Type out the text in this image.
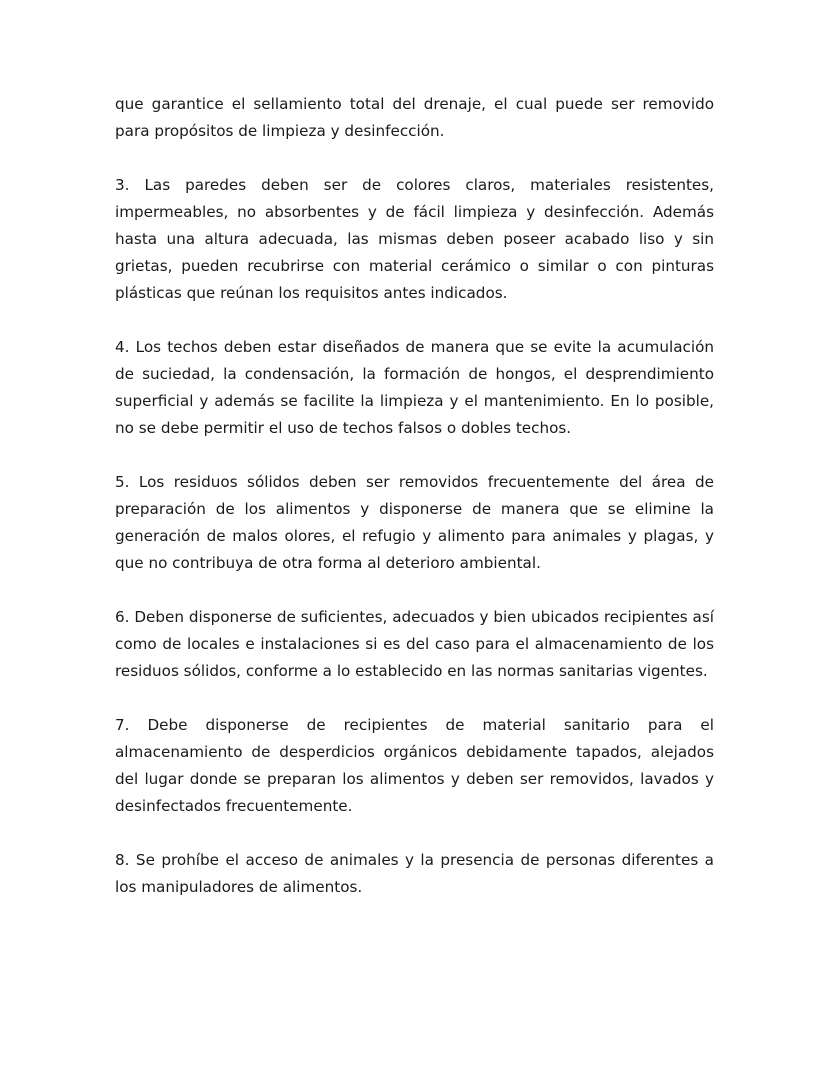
que garantice el sellamiento total del drenaje, el cual puede ser removido para propósitos de limpieza y desinfección.

3. Las paredes deben ser de colores claros, materiales resistentes, impermeables, no absorbentes y de fácil limpieza y desinfección. Además hasta una altura adecuada, las mismas deben poseer acabado liso y sin grietas, pueden recubrirse con material cerámico o similar o con pinturas plásticas que reúnan los requisitos antes indicados.

4. Los techos deben estar diseñados de manera que se evite la acumulación de suciedad, la condensación, la formación de hongos, el desprendimiento superficial y además se facilite la limpieza y el mantenimiento. En lo posible, no se debe permitir el uso de techos falsos o dobles techos.

5. Los residuos sólidos deben ser removidos frecuentemente del área de preparación de los alimentos y disponerse de manera que se elimine la generación de malos olores, el refugio y alimento para animales y plagas, y que no contribuya de otra forma al deterioro ambiental.

6. Deben disponerse de suficientes, adecuados y bien ubicados recipientes así como de locales e instalaciones si es del caso para el almacenamiento de los residuos sólidos, conforme a lo establecido en las normas sanitarias vigentes.

7. Debe disponerse de recipientes de material sanitario para el almacenamiento de desperdicios orgánicos debidamente tapados, alejados del lugar donde se preparan los alimentos y deben ser removidos, lavados y desinfectados frecuentemente.

8. Se prohíbe el acceso de animales y la presencia de personas diferentes a los manipuladores de alimentos.
